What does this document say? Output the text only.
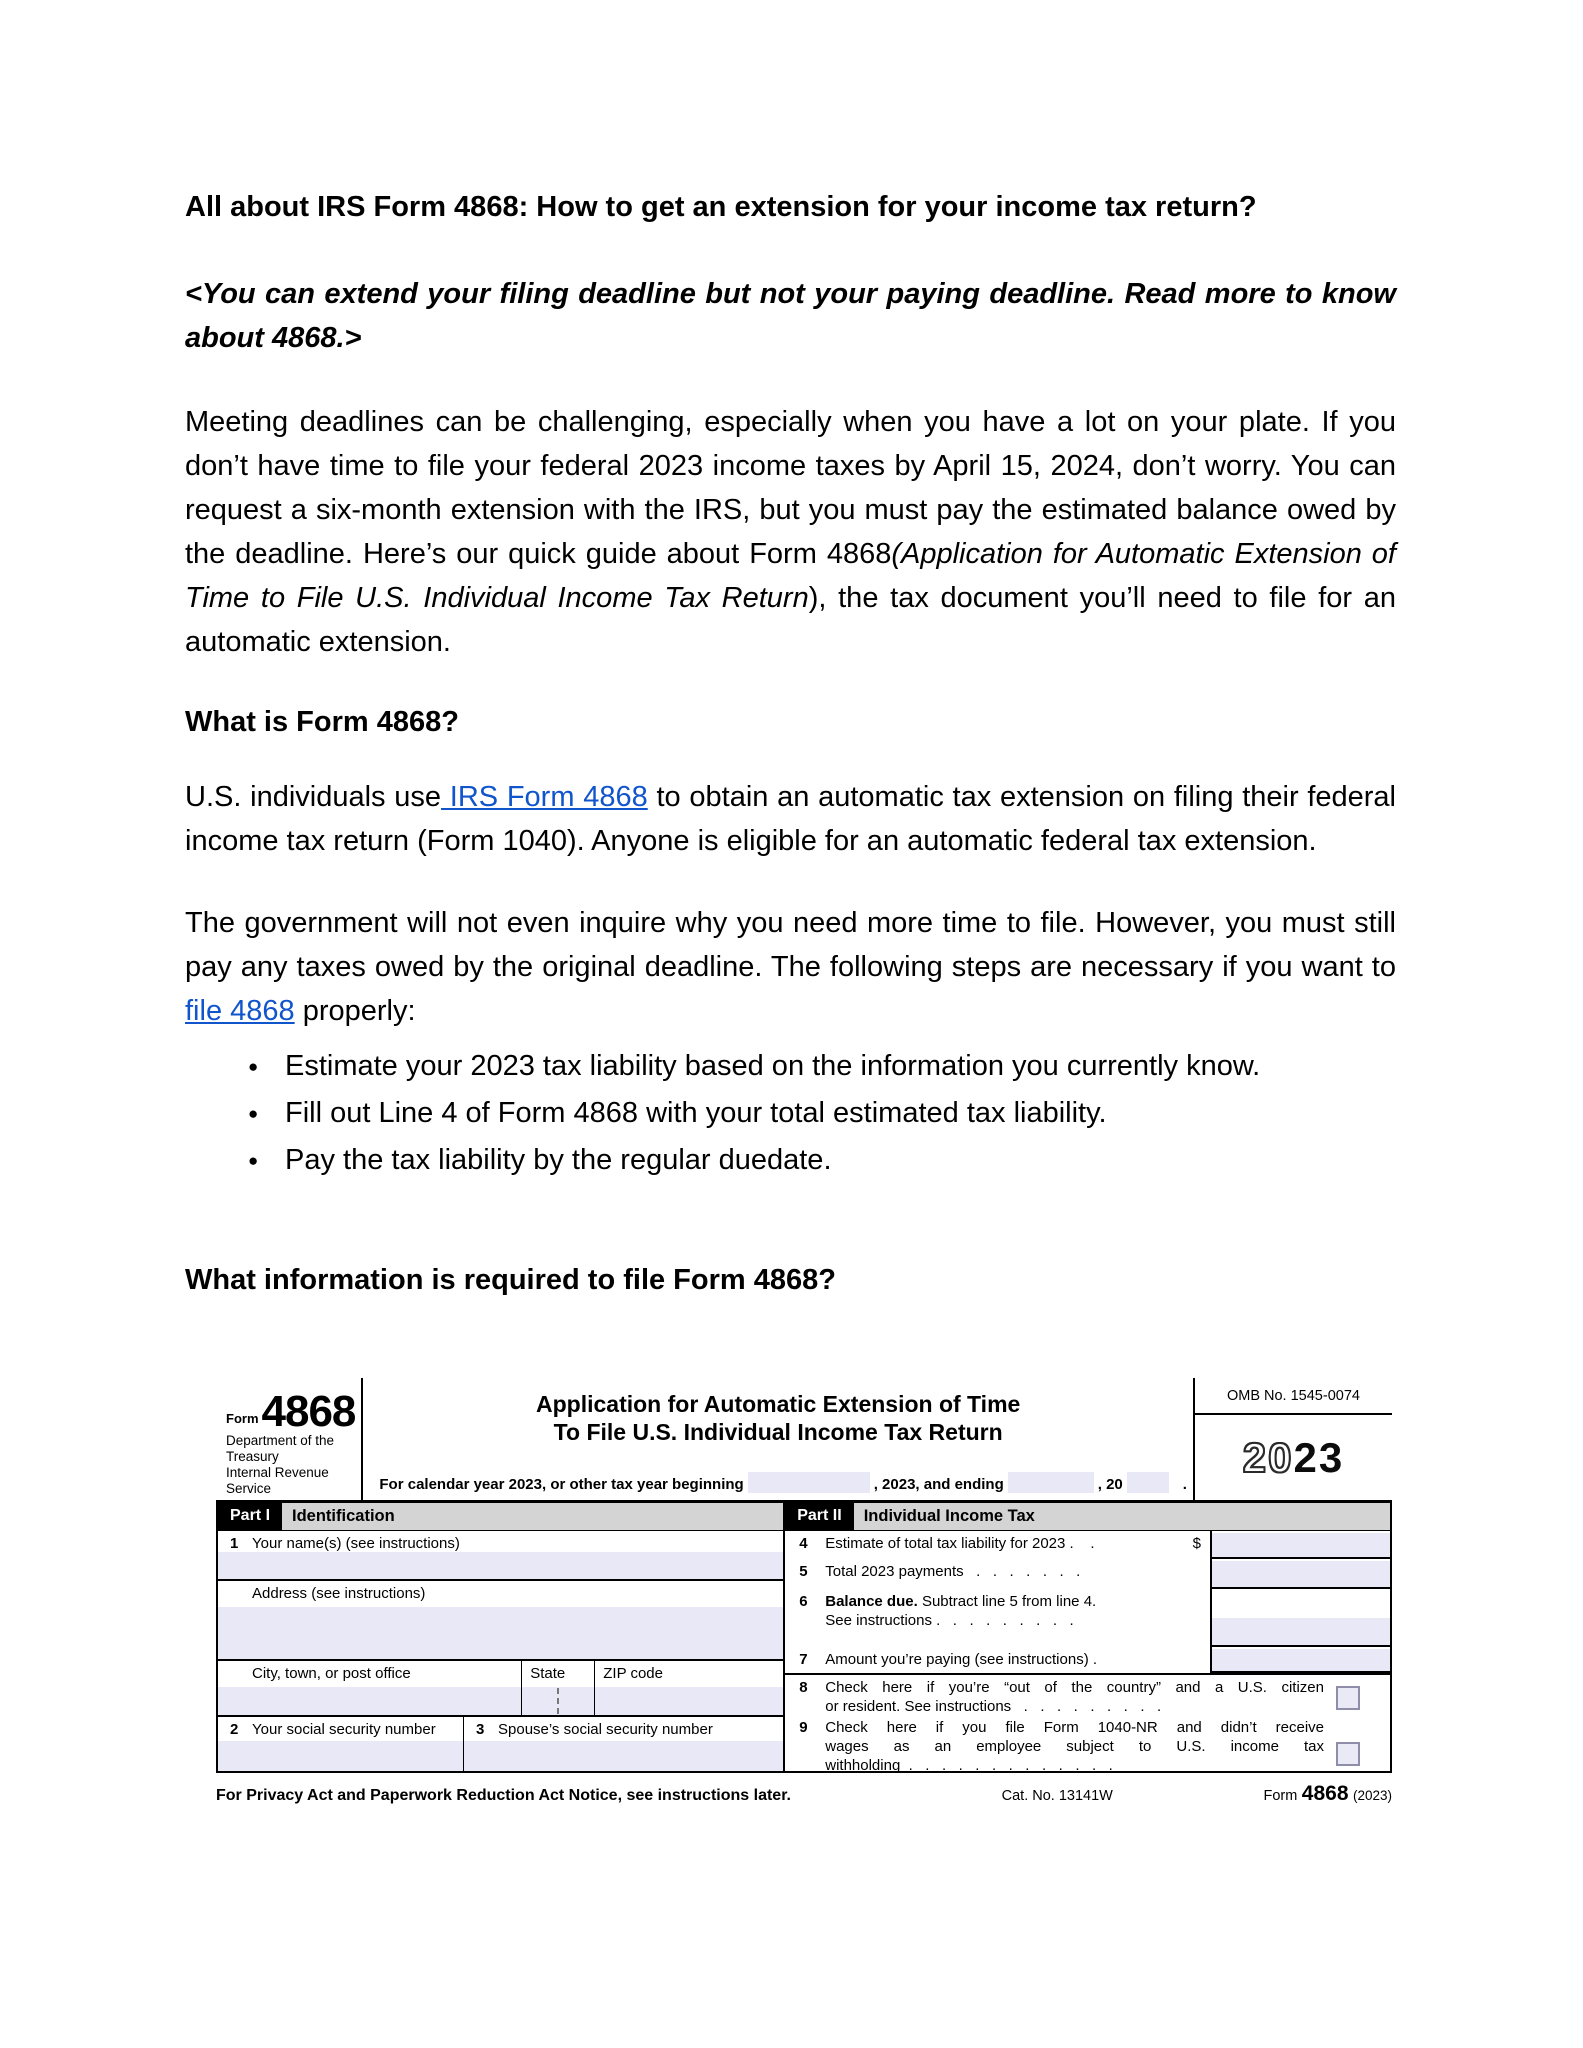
All about IRS Form 4868: How to get an extension for your income tax return?
<You can extend your filing deadline but not your paying deadline. Read more to know about 4868.>
Meeting deadlines can be challenging, especially when you have a lot on your plate. If you don’t have time to file your federal 2023 income taxes by April 15, 2024, don’t worry. You can request a six-month extension with the IRS, but you must pay the estimated balance owed by the deadline. Here’s our quick guide about Form 4868(Application for Automatic Extension of Time to File U.S. Individual Income Tax Return), the tax document you’ll need to file for an automatic extension.
What is Form 4868?
U.S. individuals use IRS Form 4868 to obtain an automatic tax extension on filing their federal income tax return (Form 1040). Anyone is eligible for an automatic federal tax extension.
The government will not even inquire why you need more time to file. However, you must still pay any taxes owed by the original deadline. The following steps are necessary if you want to file 4868 properly:
● Estimate your 2023 tax liability based on the information you currently know.
● Fill out Line 4 of Form 4868 with your total estimated tax liability.
● Pay the tax liability by the regular duedate.
What information is required to file Form 4868?
Form 4868
Department of the Treasury
Internal Revenue Service
Application for Automatic Extension of Time
To File U.S. Individual Income Tax Return
For calendar year 2023, or other tax year beginning	, 2023, and ending	, 20	.
OMB No. 1545-0074
20 23
Part I	Identification	Part II	Individual Income Tax
1 Your name(s) (see instructions)
Address (see instructions)
City, town, or post office	State	ZIP code
2 Your social security number	3 Spouse’s social security number
4	Estimate of total tax liability for 2023 .    .	$
5	Total 2023 payments   .   .   .   .   .   .   .
6	Balance due. Subtract line 5 from line 4.
See instructions .   .   .   .   .   .   .   .   .
7	Amount you’re paying (see instructions) .
8	Check here if you’re “out of the country” and a U.S. citizen
or resident. See instructions   .   .   .   .   .   .   .   .   .
9	Check here if you file Form 1040-NR and didn’t receive
wages as an employee subject to U.S. income tax
withholding  .   .   .   .   .   .   .   .   .   .   .   .   .
For Privacy Act and Paperwork Reduction Act Notice, see instructions later.	Cat. No. 13141W	Form 4868 (2023)
